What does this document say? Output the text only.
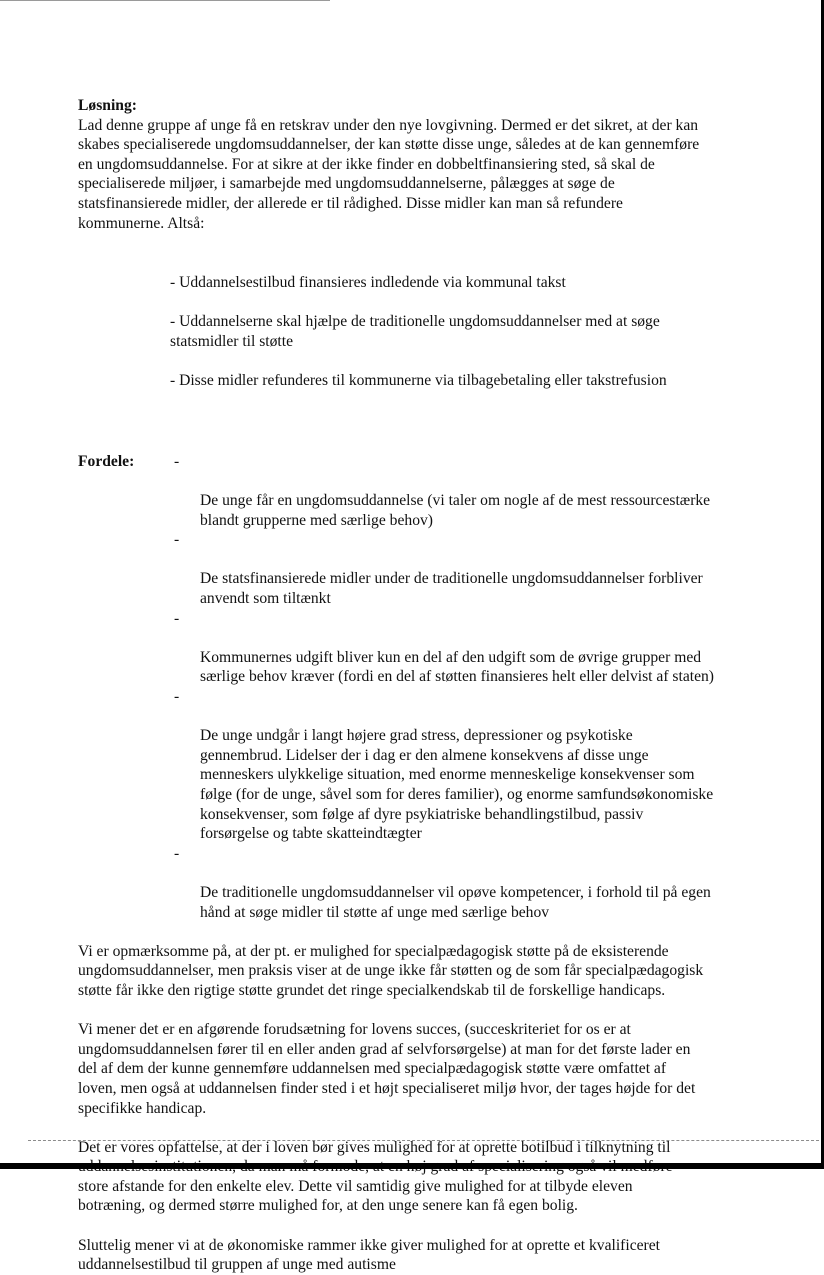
Løsning:

Lad denne gruppe af unge få en retskrav under den nye lovgivning. Dermed er det sikret, at der kan
skabes specialiserede ungdomsuddannelser, der kan støtte disse unge, således at de kan gennemføre
en ungdomsuddannelse. For at sikre at der ikke finder en dobbeltfinansiering sted, så skal de
specialiserede miljøer, i samarbejde med ungdomsuddannelserne, pålægges at søge de
statsfinansierede midler, der allerede er til rådighed. Disse midler kan man så refundere
kommunerne. Altså:

- Uddannelsestilbud finansieres indledende via kommunal takst

- Uddannelserne skal hjælpe de traditionelle ungdomsuddannelser med at søge
statsmidler til støtte

- Disse midler refunderes til kommunerne via tilbagebetaling eller takstrefusion

Fordele:	-

De unge får en ungdomsuddannelse (vi taler om nogle af de mest ressourcestærke
blandt grupperne med særlige behov)

-

De statsfinansierede midler under de traditionelle ungdomsuddannelser forbliver
anvendt som tiltænkt

-

Kommunernes udgift bliver kun en del af den udgift som de øvrige grupper med
særlige behov kræver (fordi en del af støtten finansieres helt eller delvist af staten)

-

De unge undgår i langt højere grad stress, depressioner og psykotiske
gennembrud. Lidelser der i dag er den almene konsekvens af disse unge
menneskers ulykkelige situation, med enorme menneskelige konsekvenser som
følge (for de unge, såvel som for deres familier), og enorme samfundsøkonomiske
konsekvenser, som følge af dyre psykiatriske behandlingstilbud, passiv
forsørgelse og tabte skatteindtægter

-

De traditionelle ungdomsuddannelser vil opøve kompetencer, i forhold til på egen
hånd at søge midler til støtte af unge med særlige behov

Vi er opmærksomme på, at der pt. er mulighed for specialpædagogisk støtte på de eksisterende
ungdomsuddannelser, men praksis viser at de unge ikke får støtten og de som får specialpædagogisk
støtte får ikke den rigtige støtte grundet det ringe specialkendskab til de forskellige handicaps.

Vi mener det er en afgørende forudsætning for lovens succes, (succeskriteriet for os er at
ungdomsuddannelsen fører til en eller anden grad af selvforsørgelse) at man for det første lader en
del af dem der kunne gennemføre uddannelsen med specialpædagogisk støtte være omfattet af
loven, men også at uddannelsen finder sted i et højt specialiseret miljø hvor, der tages højde for det
specifikke handicap.

Det er vores opfattelse, at der i loven bør gives mulighed for at oprette botilbud i tilknytning til

store afstande for den enkelte elev. Dette vil samtidig give mulighed for at tilbyde eleven
botræning, og dermed større mulighed for, at den unge senere kan få egen bolig.

Sluttelig mener vi at de økonomiske rammer ikke giver mulighed for at oprette et kvalificeret
uddannelsestilbud til gruppen af unge med autisme
